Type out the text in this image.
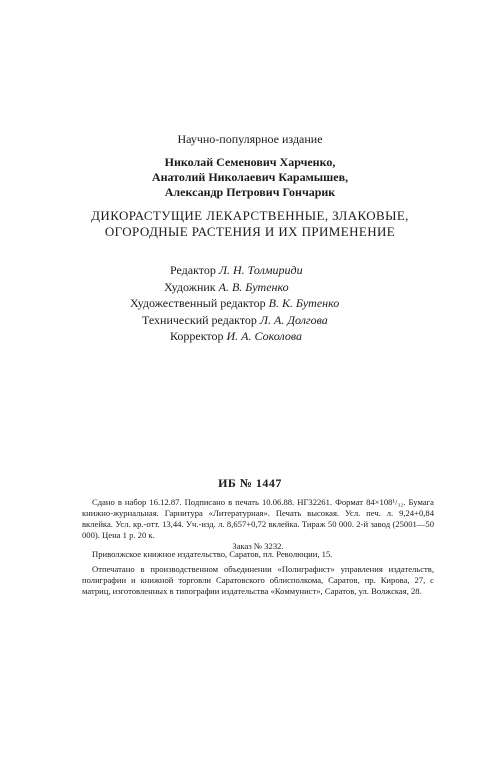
Научно-популярное издание
Николай Семенович Харченко,
Анатолий Николаевич Карамышев,
Александр Петрович Гончарик
ДИКОРАСТУЩИЕ ЛЕКАРСТВЕННЫЕ, ЗЛАКОВЫЕ,
ОГОРОДНЫЕ РАСТЕНИЯ И ИХ ПРИМЕНЕНИЕ
Редактор Л. Н. Толмириди
Художник А. В. Бутенко
Художественный редактор В. К. Бутенко
Технический редактор Л. А. Долгова
Корректор И. А. Соколова
ИБ № 1447

Сдано в набор 16.12.87. Подписано в печать 10.06.88. НГ32261. Формат 84×108¹/₃₂. Бумага книжно-журнальная. Гарнитура «Литературная». Печать высокая. Усл. печ. л. 9,24+0,84 вклейка. Усл. кр.-отт. 13,44. Уч.-изд. л. 8,657+0,72 вклейка. Тираж 50 000. 2-й завод (25001—50 000). Цена 1 р. 20 к.

Заказ № 3232.

Приволжское книжное издательство, Саратов, пл. Революции, 15.

Отпечатано в производственном объединении «Полиграфист» управления издательств, полиграфии и книжной торговли Саратовского облисполкома, Саратов, пр. Кирова, 27, с матриц, изготовленных в типографии издательства «Коммунист», Саратов, ул. Волжская, 28.
